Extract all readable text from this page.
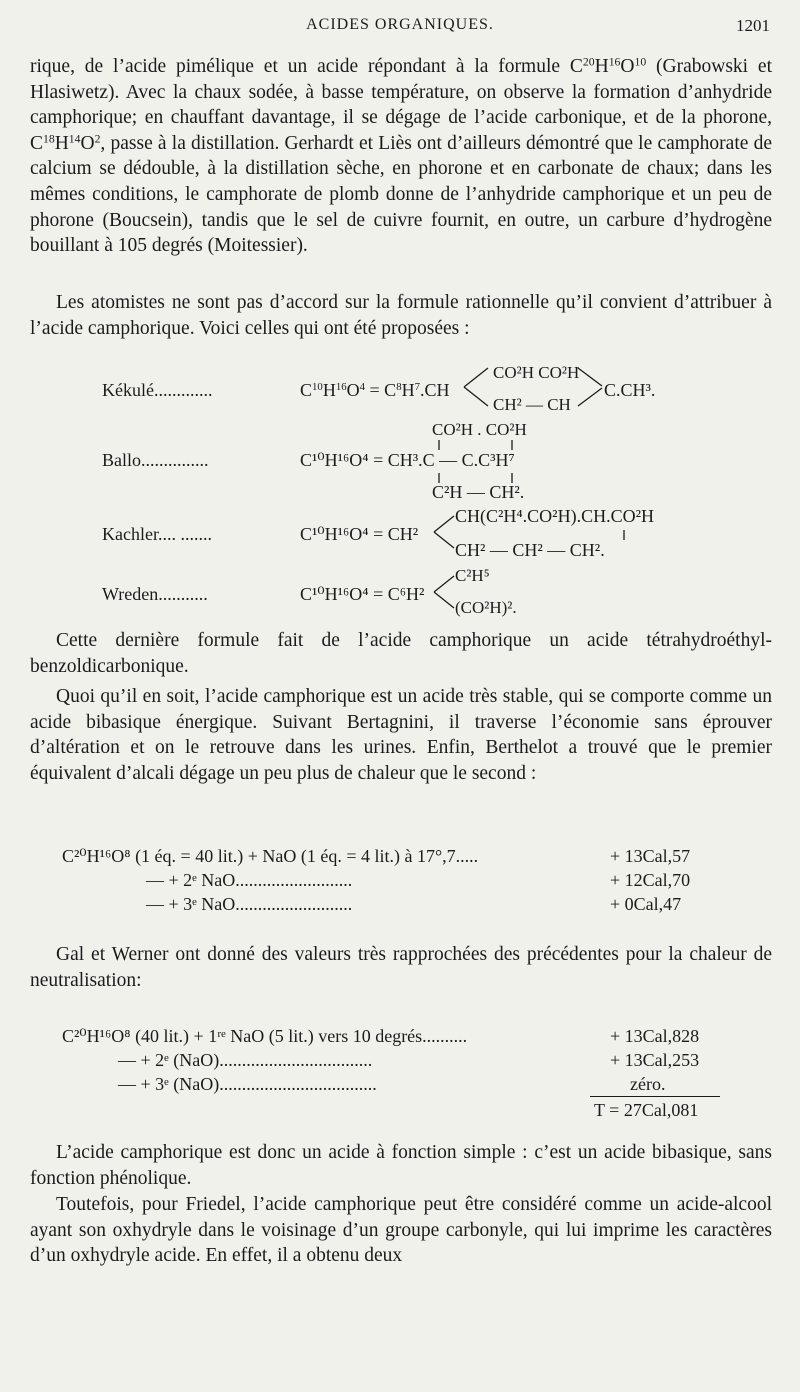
ACIDES ORGANIQUES.	1201

rique, de l’acide pimélique et un acide répondant à la formule $C^{20}H^{16}O^{10}$ (Grabowski et Hlasiwetz). Avec la chaux sodée, à basse température, on observe la formation d’anhydride camphorique; en chauffant davantage, il se dégage de l’acide carbonique, et de la phorone, $C^{18}H^{14}O^2$, passe à la distillation. Gerhardt et Liès ont d’ailleurs démontré que le camphorate de calcium se dédouble, à la distillation sèche, en phorone et en carbonate de chaux; dans les mêmes conditions, le camphorate de plomb donne de l’anhydride camphorique et un peu de phorone (Boucsein), tandis que le sel de cuivre fournit, en outre, un carbure d’hydrogène bouillant à 105 degrés (Moitessier).

Les atomistes ne sont pas d’accord sur la formule rationnelle qu’il convient d’attribuer à l’acide camphorique. Voici celles qui ont été proposées :

Kékulé.............	$C^{10}H^{16}O^4 = C^8H^7.CH$
CO²H CO²H
CH² — CH
C.CH³.
CO²H . CO²H
Ballo...............	C¹⁰H¹⁶O⁴ = CH³.C — C.C³H⁷
C²H — CH².
CH(C²H⁴.CO²H).CH.CO²H
Kachler.... .......	C¹⁰H¹⁶O⁴ = CH²
CH² — CH² — CH².
C²H⁵
Wreden...........	C¹⁰H¹⁶O⁴ = C⁶H²
(CO²H)².

Cette dernière formule fait de l’acide camphorique un acide tétrahydroéthyl-benzoldicarbonique.

Quoi qu’il en soit, l’acide camphorique est un acide très stable, qui se comporte comme un acide bibasique énergique. Suivant Bertagnini, il traverse l’économie sans éprouver d’altération et on le retrouve dans les urines. Enfin, Berthelot a trouvé que le premier équivalent d’alcali dégage un peu plus de chaleur que le second :

C²⁰H¹⁶O⁸ (1 éq. = 40 lit.) + NaO (1 éq. = 4 lit.) à 17°,7.....	+ 13Cal,57
— + 2ᵉ NaO..........................	+ 12Cal,70
— + 3ᵉ NaO..........................	+ 0Cal,47

Gal et Werner ont donné des valeurs très rapprochées des précédentes pour la chaleur de neutralisation:

C²⁰H¹⁶O⁸ (40 lit.) + 1ʳᵉ NaO (5 lit.) vers 10 degrés..........	+ 13Cal,828
— + 2ᵉ (NaO)..................................	+ 13Cal,253
— + 3ᵉ (NaO)...................................	zéro.
T = 27Cal,081

L’acide camphorique est donc un acide à fonction simple : c’est un acide bibasique, sans fonction phénolique.

Toutefois, pour Friedel, l’acide camphorique peut être considéré comme un acide-alcool ayant son oxhydryle dans le voisinage d’un groupe carbonyle, qui lui imprime les caractères d’un oxhydryle acide. En effet, il a obtenu deux
